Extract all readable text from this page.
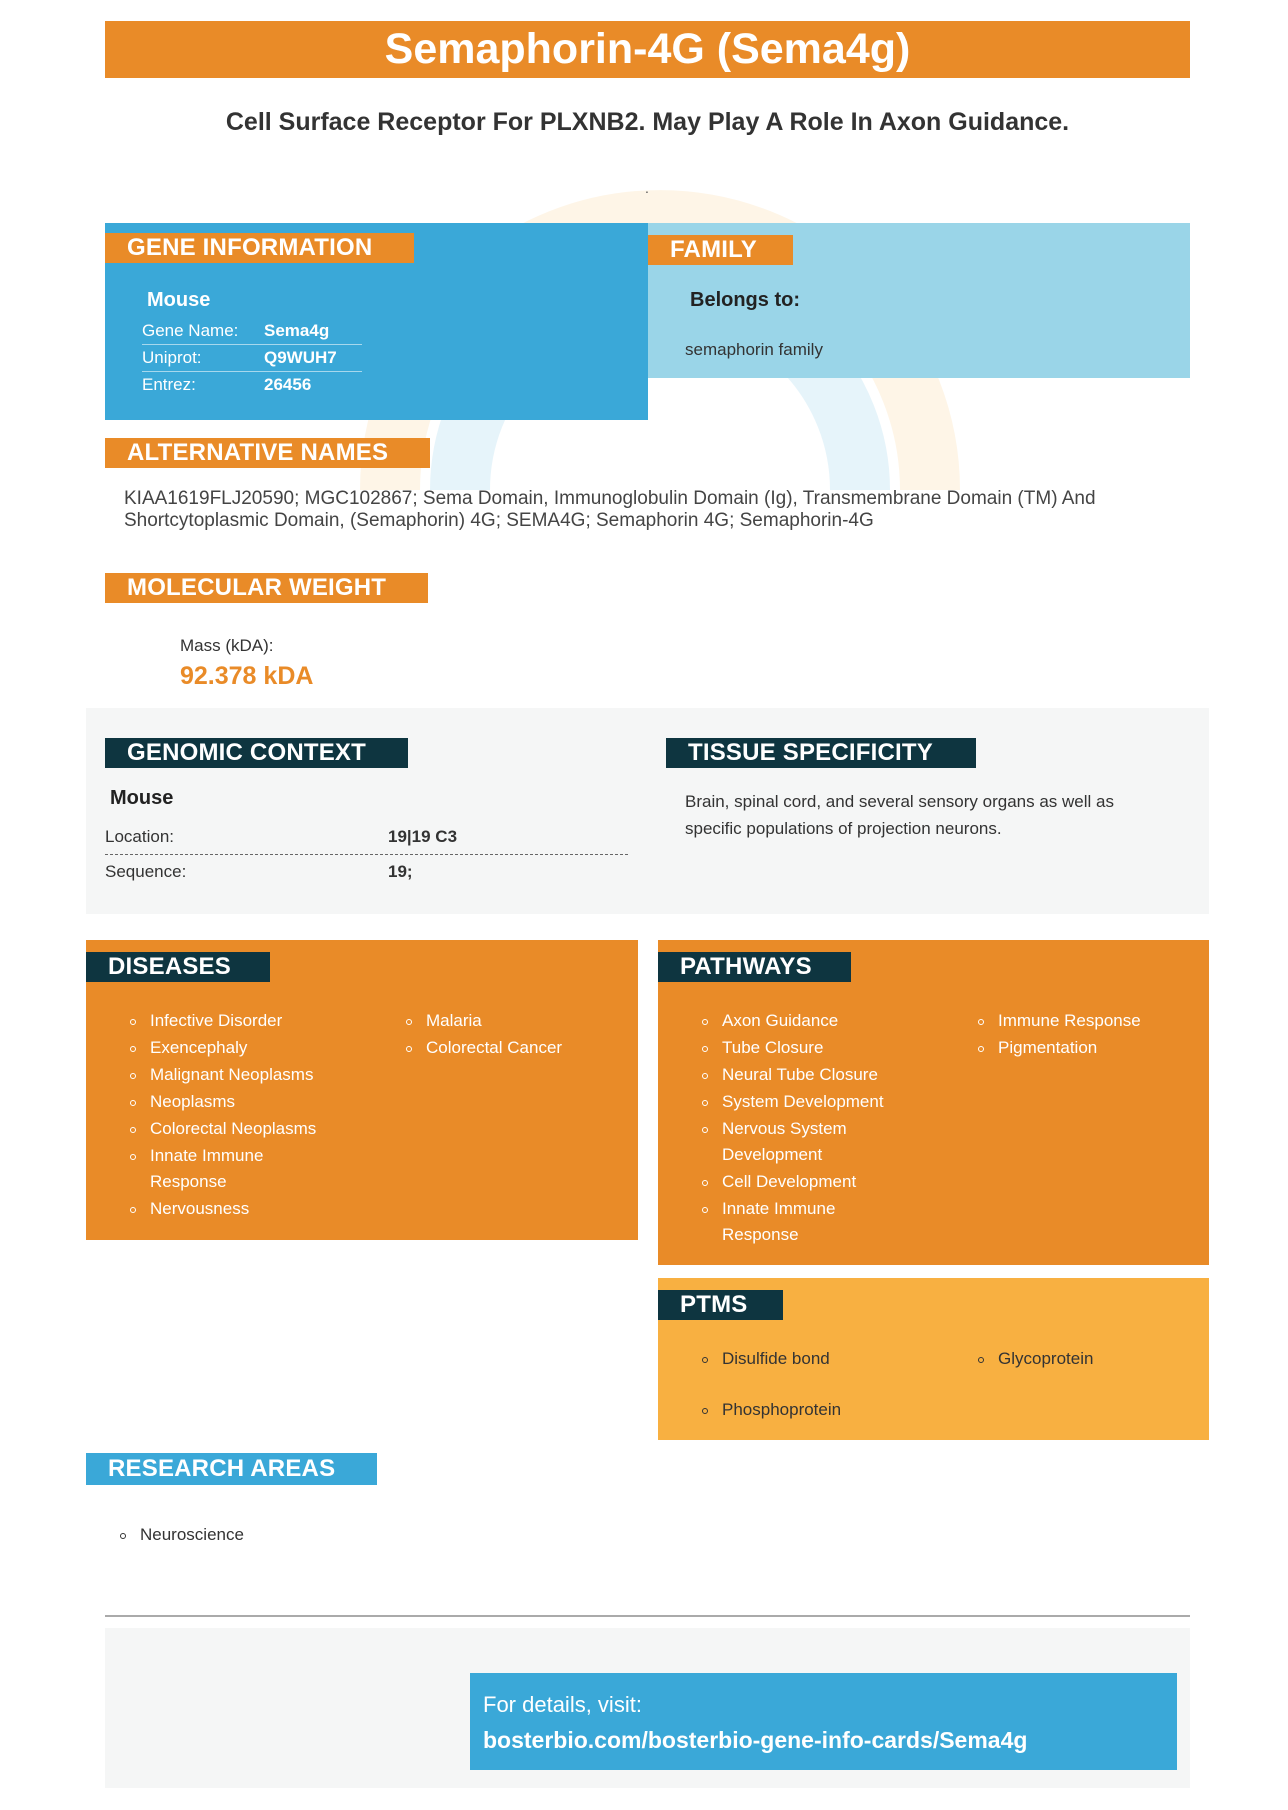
Semaphorin-4G (Sema4g)
Cell Surface Receptor For PLXNB2. May Play A Role In Axon Guidance.
.
GENE INFORMATION
Mouse
Gene Name: Sema4g
Uniprot:	Q9WUH7
Entrez:	26456
FAMILY
Belongs to:
semaphorin family
ALTERNATIVE NAMES
KIAA1619FLJ20590; MGC102867; Sema Domain, Immunoglobulin Domain (Ig), Transmembrane Domain (TM) And Shortcytoplasmic Domain, (Semaphorin) 4G; SEMA4G; Semaphorin 4G; Semaphorin-4G
MOLECULAR WEIGHT
Mass (kDA):
92.378 kDA
GENOMIC CONTEXT
Mouse
Location:	19|19 C3
Sequence:	19;
TISSUE SPECIFICITY
Brain, spinal cord, and several sensory organs as well as specific populations of projection neurons.
DISEASES
Infective Disorder
Exencephaly
Malignant Neoplasms
Neoplasms
Colorectal Neoplasms
Innate Immune Response
Nervousness
Malaria
Colorectal Cancer
PATHWAYS
Axon Guidance
Tube Closure
Neural Tube Closure
System Development
Nervous System Development
Cell Development
Innate Immune Response
Immune Response
Pigmentation
PTMS
Disulfide bond
Phosphoprotein
Glycoprotein
RESEARCH AREAS
Neuroscience
For details, visit:
bosterbio.com/bosterbio-gene-info-cards/Sema4g
